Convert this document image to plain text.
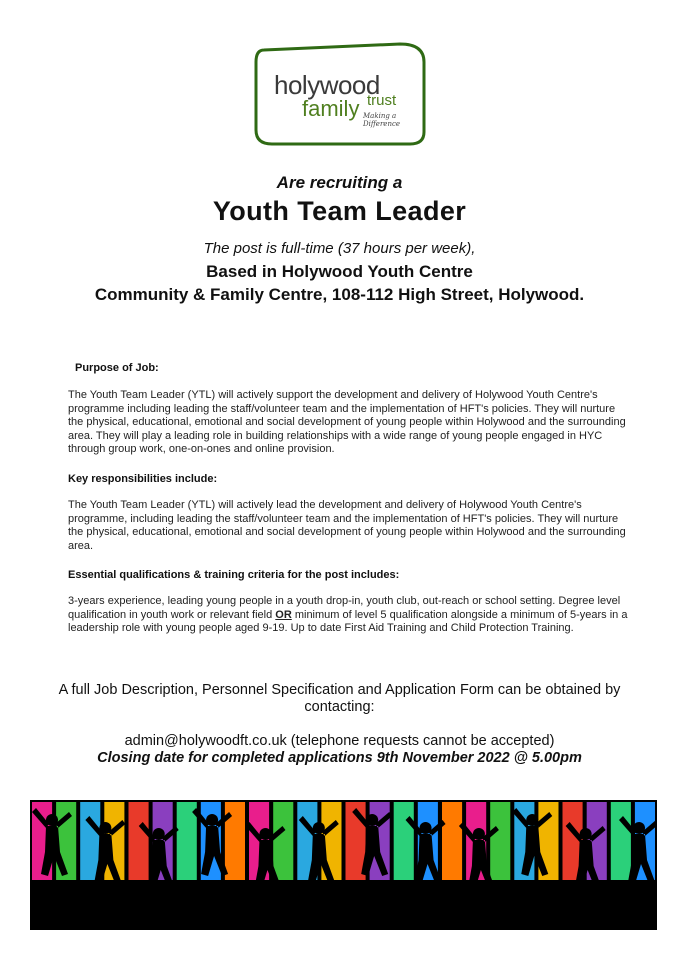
holywood
family trust
Making a Difference
Are recruiting a
Youth Team Leader
The post is full-time (37 hours per week),
Based in Holywood Youth Centre
Community & Family Centre, 108-112 High Street, Holywood.
Purpose of Job:
The Youth Team Leader (YTL) will actively support the development and delivery of Holywood Youth Centre's programme including leading the staff/volunteer team and the implementation of HFT's policies. They will nurture the physical, educational, emotional and social development of young people within Holywood and the surrounding area. They will play a leading role in building relationships with a wide range of young people engaged in HYC through group work, one-on-ones and online provision.
Key responsibilities include:
The Youth Team Leader (YTL) will actively lead the development and delivery of Holywood Youth Centre's programme, including leading the staff/volunteer team and the implementation of HFT's policies. They will nurture the physical, educational, emotional and social development of young people within Holywood and the surrounding area.
Essential qualifications & training criteria for the post includes:
3-years experience, leading young people in a youth drop-in, youth club, out-reach or school setting. Degree level qualification in youth work or relevant field OR minimum of level 5 qualification alongside a minimum of 5-years in a leadership role with young people aged 9-19. Up to date First Aid Training and Child Protection Training.
A full Job Description, Personnel Specification and Application Form can be obtained by contacting:
admin@holywoodft.co.uk (telephone requests cannot be accepted)
Closing date for completed applications 9th November 2022 @ 5.00pm
